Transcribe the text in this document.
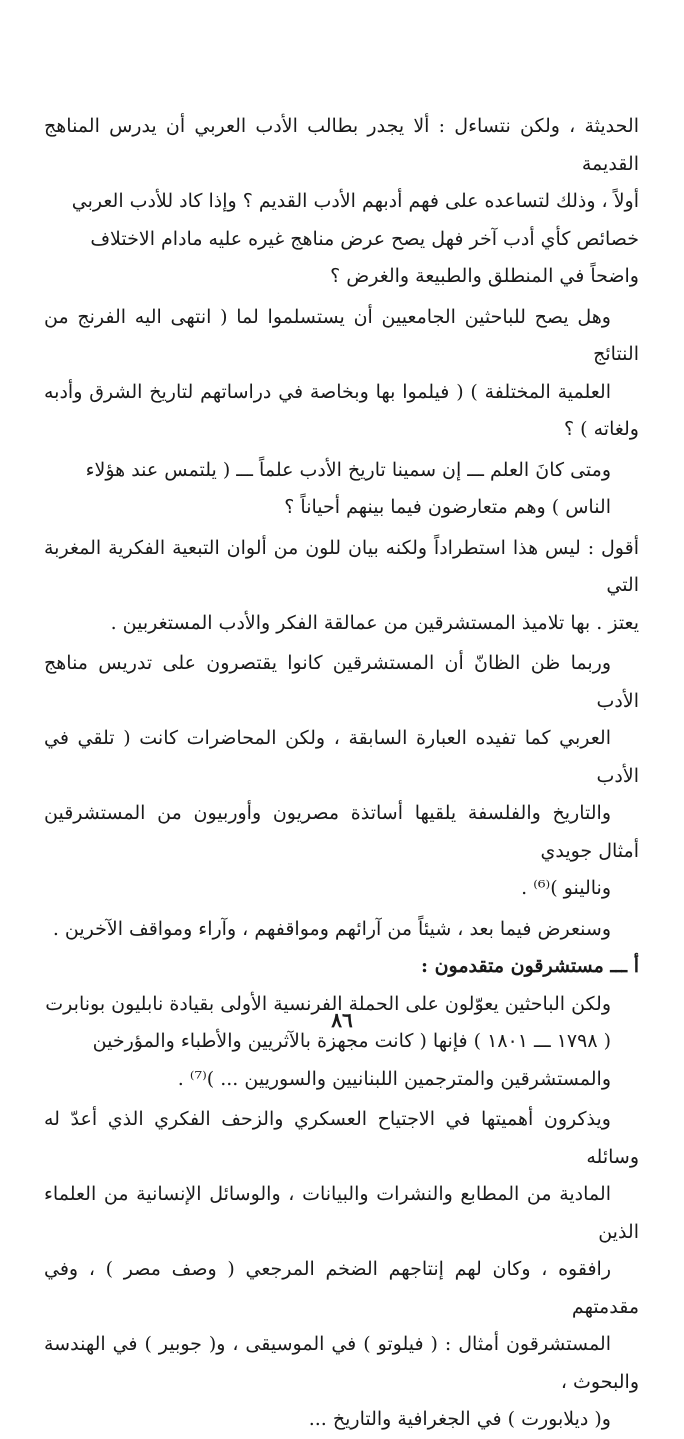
الحديثة ، ولكن نتساءل : ألا يجدر بطالب الأدب العربي أن يدرس المناهج القديمة
أولاً ، وذلك لتساعده على فهم أدبهم الأدب القديم ؟ وإذا كاد للأدب العربي
خصائص كأي أدب آخر فهل يصح عرض مناهج غيره عليه مادام الاختلاف
واضحاً في المنطلق والطبيعة والغرض ؟

وهل يصح للباحثين الجامعيين أن يستسلموا لما ( انتهى اليه الفرنج من النتائج
العلمية المختلفة ) ( فيلموا بها وبخاصة في دراساتهم لتاريخ الشرق وأدبه ولغاته ) ؟

ومتى كانَ العلم ـــ إن سمينا تاريخ الأدب علماً ـــ ( يلتمس عند هؤلاء
الناس ) وهم متعارضون فيما بينهم أحياناً ؟

أقول : ليس هذا استطراداً ولكنه بيان للون من ألوان التبعية الفكرية المغربة التي
يعتز . بها تلاميذ المستشرقين من عمالقة الفكر والأدب المستغربين .

وربما ظن الظانّ أن المستشرقين كانوا يقتصرون على تدريس مناهج الأدب
العربي كما تفيده العبارة السابقة ، ولكن المحاضرات كانت ( تلقي في الأدب
والتاريخ والفلسفة يلقيها أساتذة مصريون وأوربيون من المستشرقين أمثال جويدي
ونالينو )⁽⁶⁾ .

وسنعرض فيما بعد ، شيئاً من آرائهم ومواقفهم ، وآراء ومواقف الآخرين .

أ ـــ مستشرقون متقدمون :

ولكن الباحثين يعوّلون على الحملة الفرنسية الأولى بقيادة نابليون بونابرت
( ١٧٩٨ ـــ ١٨٠١ ) فإنها ( كانت مجهزة بالآثريين والأطباء والمؤرخين
والمستشرقين والمترجمين اللبنانيين والسوريين ... )⁽⁷⁾ .

ويذكرون أهميتها في الاجتياح العسكري والزحف الفكري الذي أعدّ له وسائله
المادية من المطابع والنشرات والبيانات ، والوسائل الإنسانية من العلماء الذين
رافقوه ، وكان لهم إنتاجهم الضخم المرجعي ( وصف مصر ) ، وفي مقدمتهم
المستشرقون أمثال : ( فيلوتو ) في الموسيقى ، و( جوبير ) في الهندسة والبحوث ،
و( ديلابورت ) في الجغرافية والتاريخ ...

٨٦
